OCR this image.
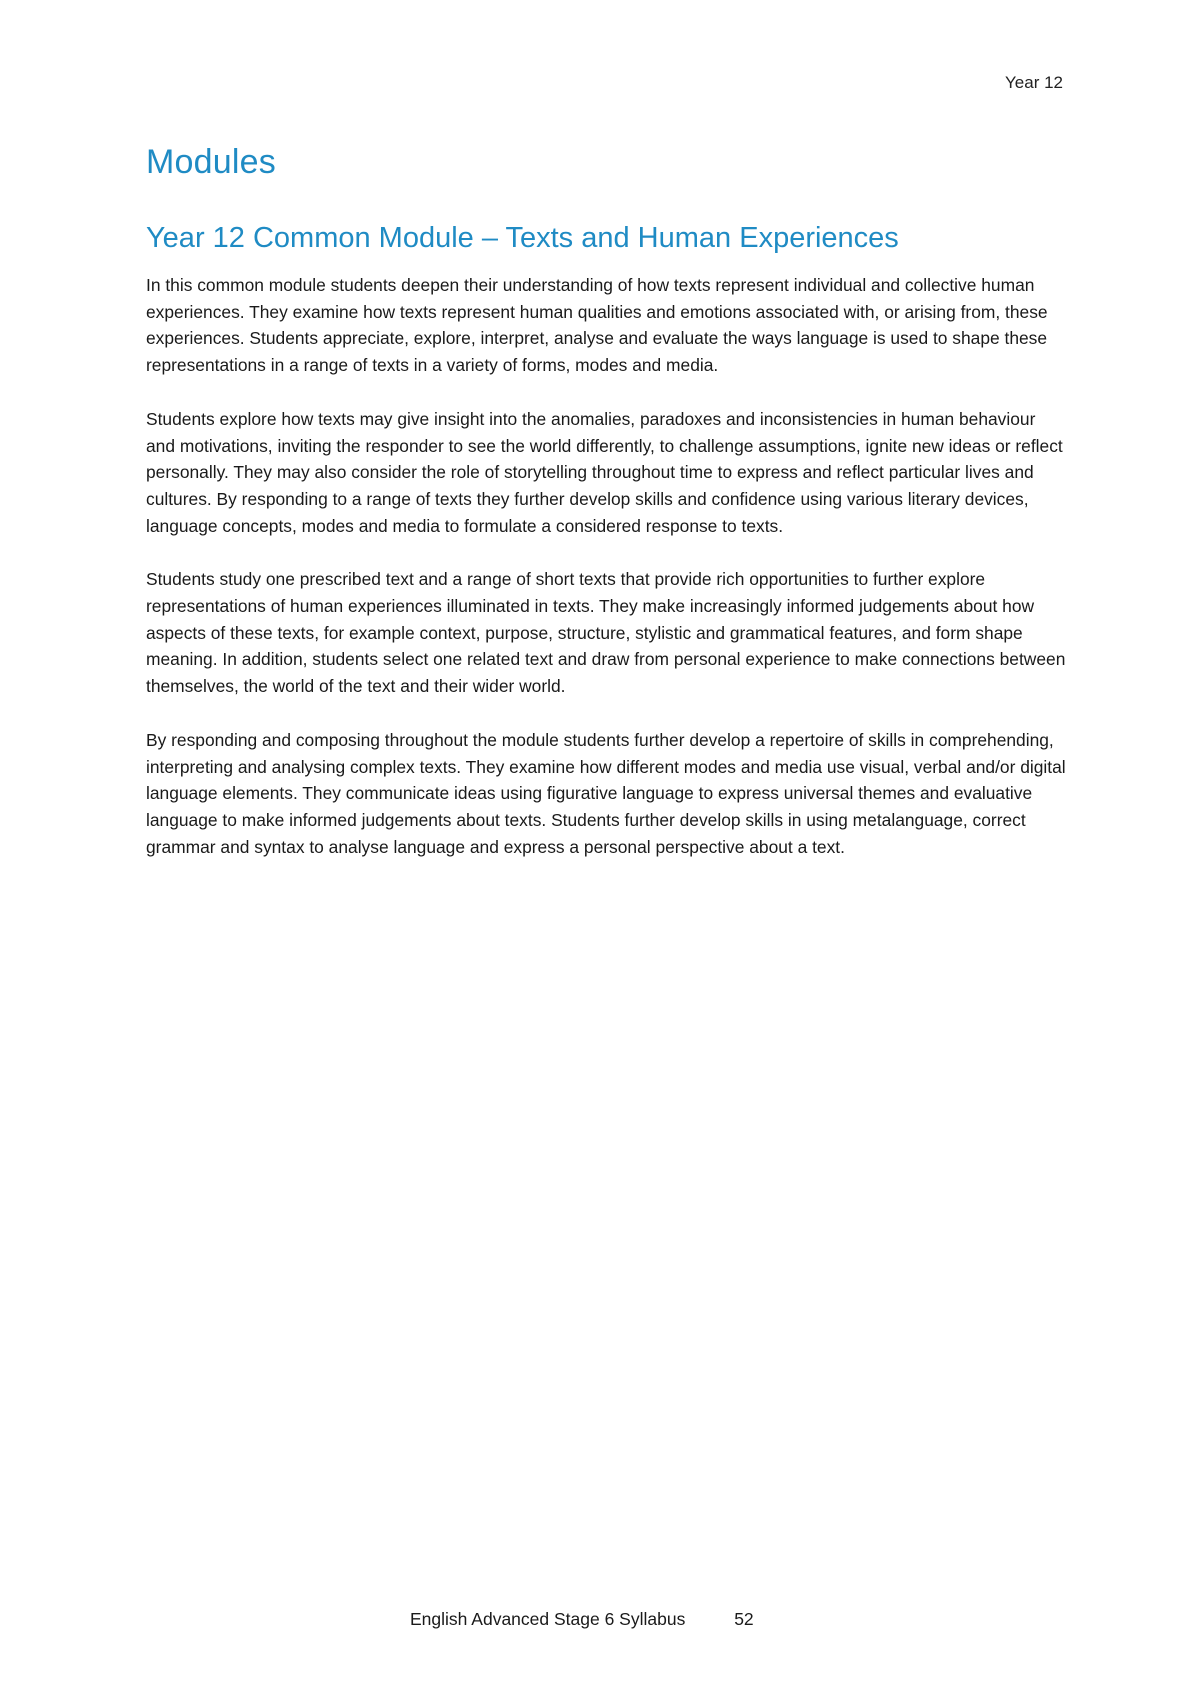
Year 12
Modules
Year 12 Common Module – Texts and Human Experiences

In this common module students deepen their understanding of how texts represent individual and collective human experiences. They examine how texts represent human qualities and emotions associated with, or arising from, these experiences. Students appreciate, explore, interpret, analyse and evaluate the ways language is used to shape these representations in a range of texts in a variety of forms, modes and media.

Students explore how texts may give insight into the anomalies, paradoxes and inconsistencies in human behaviour and motivations, inviting the responder to see the world differently, to challenge assumptions, ignite new ideas or reflect personally. They may also consider the role of storytelling throughout time to express and reflect particular lives and cultures. By responding to a range of texts they further develop skills and confidence using various literary devices, language concepts, modes and media to formulate a considered response to texts.

Students study one prescribed text and a range of short texts that provide rich opportunities to further explore representations of human experiences illuminated in texts. They make increasingly informed judgements about how aspects of these texts, for example context, purpose, structure, stylistic and grammatical features, and form shape meaning. In addition, students select one related text and draw from personal experience to make connections between themselves, the world of the text and their wider world.

By responding and composing throughout the module students further develop a repertoire of skills in comprehending, interpreting and analysing complex texts. They examine how different modes and media use visual, verbal and/or digital language elements. They communicate ideas using figurative language to express universal themes and evaluative language to make informed judgements about texts. Students further develop skills in using metalanguage, correct grammar and syntax to analyse language and express a personal perspective about a text.

English Advanced Stage 6 Syllabus	52
